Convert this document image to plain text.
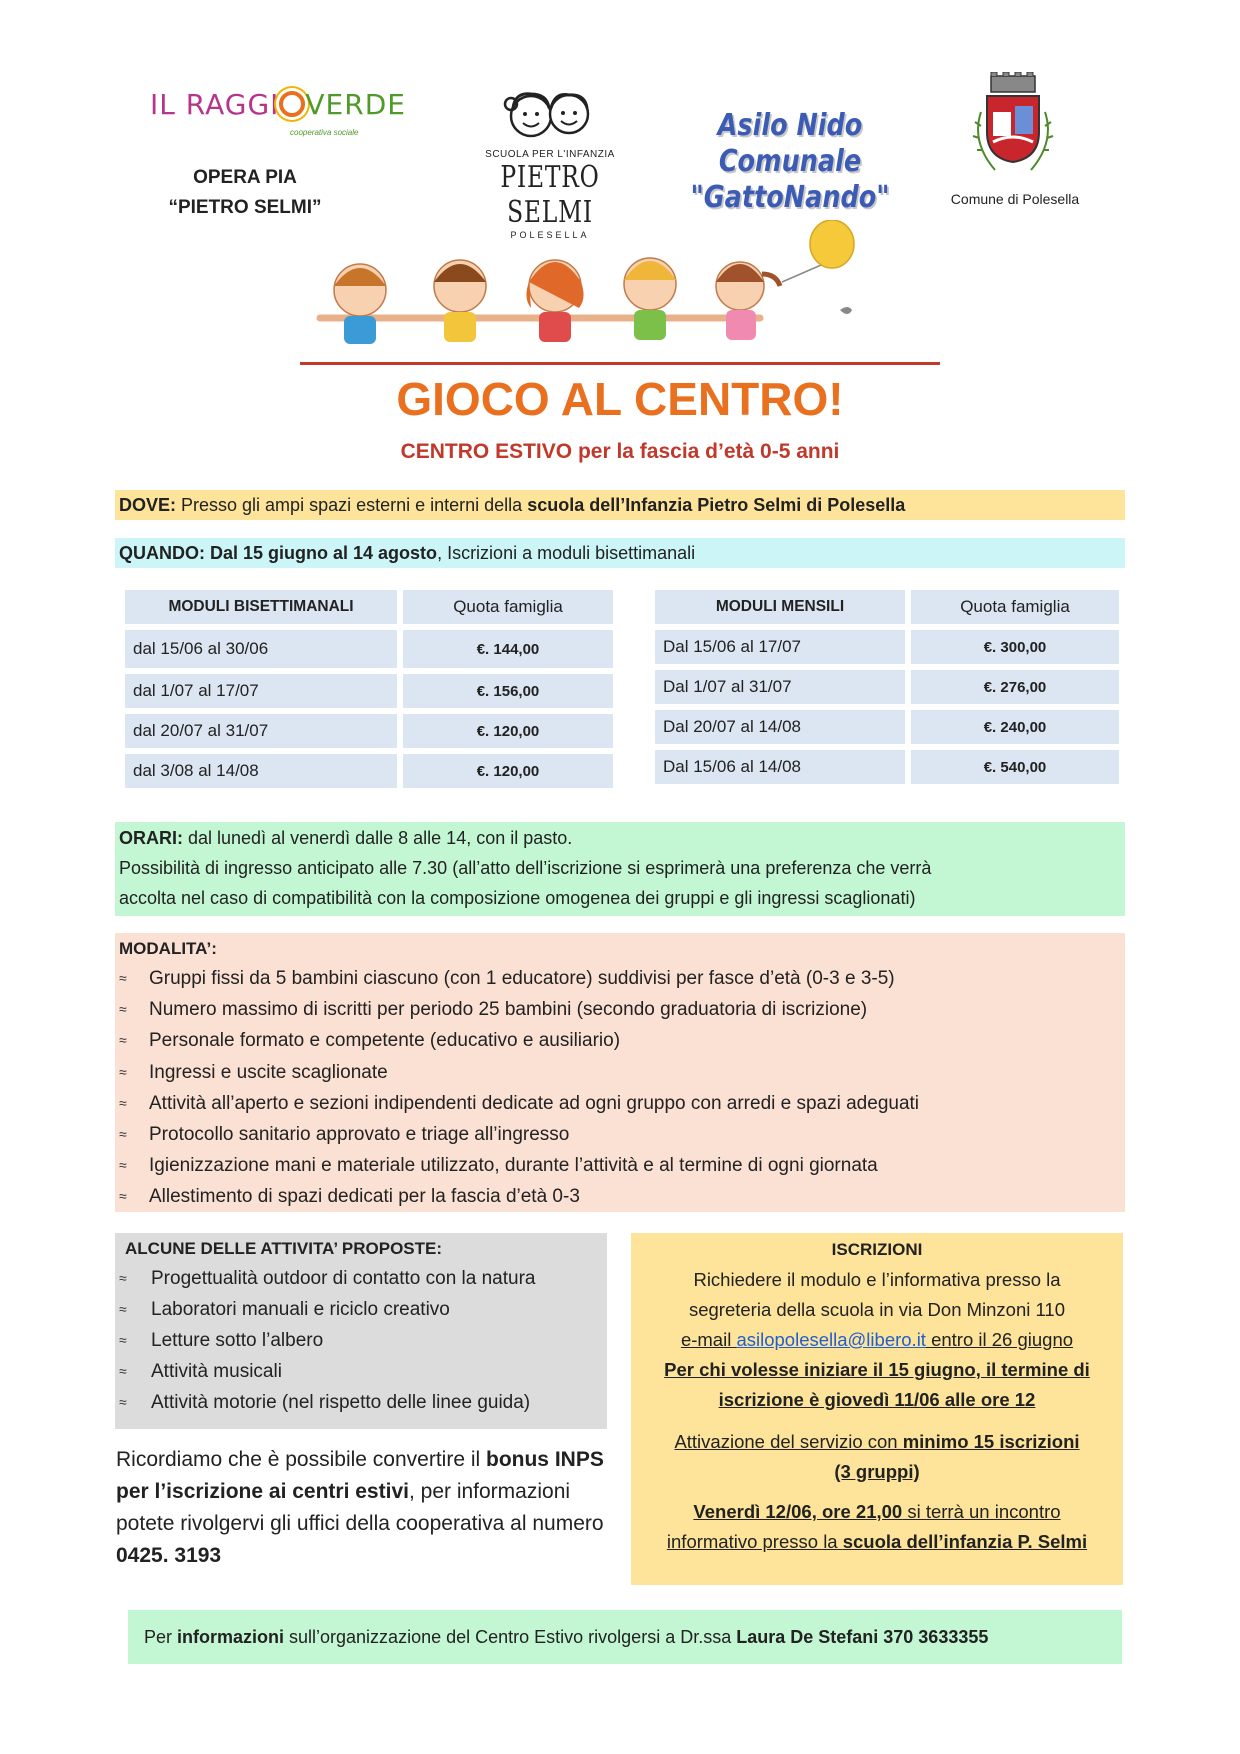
IL RAGGI VERDE
cooperativa sociale
OPERA PIA
“PIETRO SELMI”
SCUOLA PER L'INFANZIA
PIETRO SELMI
POLESELLA
Asilo Nido Comunale
"GattoNando"	Comune di Polesella
GIOCO AL CENTRO!
CENTRO ESTIVO per la fascia d’età 0-5 anni
DOVE: Presso gli ampi spazi esterni e interni della scuola dell’Infanzia Pietro Selmi di Polesella
QUANDO: Dal 15 giugno al 14 agosto, Iscrizioni a moduli bisettimanali
MODULI BISETTIMANALI	Quota famiglia
dal 15/06 al 30/06	€. 144,00
dal 1/07 al 17/07	€. 156,00
dal 20/07 al 31/07	€. 120,00
dal 3/08 al 14/08	€. 120,00
MODULI MENSILI	Quota famiglia
Dal 15/06 al 17/07	€. 300,00
Dal 1/07 al 31/07	€. 276,00
Dal 20/07 al 14/08	€. 240,00
Dal 15/06 al 14/08	€. 540,00
ORARI: dal lunedì al venerdì dalle 8 alle 14, con il pasto.
Possibilità di ingresso anticipato alle 7.30 (all’atto dell’iscrizione si esprimerà una preferenza che verrà
accolta nel caso di compatibilità con la composizione omogenea dei gruppi e gli ingressi scaglionati)
MODALITA’:
≈	Gruppi fissi da 5 bambini ciascuno (con 1 educatore) suddivisi per fasce d’età (0-3 e 3-5)
≈	Numero massimo di iscritti per periodo 25 bambini (secondo graduatoria di iscrizione)
≈	Personale formato e competente (educativo e ausiliario)
≈	Ingressi e uscite scaglionate
≈	Attività all’aperto e sezioni indipendenti dedicate ad ogni gruppo con arredi e spazi adeguati
≈	Protocollo sanitario approvato e triage all’ingresso
≈	Igienizzazione mani e materiale utilizzato, durante l’attività e al termine di ogni giornata
≈	Allestimento di spazi dedicati per la fascia d’età 0-3
ALCUNE DELLE ATTIVITA’ PROPOSTE:
≈	Progettualità outdoor di contatto con la natura
≈	Laboratori manuali e riciclo creativo
≈	Letture sotto l’albero
≈	Attività musicali
≈	Attività motorie (nel rispetto delle linee guida)
Ricordiamo che è possibile convertire il bonus INPS per l’iscrizione ai centri estivi, per informazioni potete rivolgervi gli uffici della cooperativa al numero 0425. 3193
ISCRIZIONI
Richiedere il modulo e l’informativa presso la
segreteria della scuola in via Don Minzoni 110
e-mail asilopolesella@libero.it entro il 26 giugno
Per chi volesse iniziare il 15 giugno, il termine di
iscrizione è giovedì 11/06 alle ore 12
Attivazione del servizio con minimo 15 iscrizioni
(3 gruppi)
Venerdì 12/06, ore 21,00 si terrà un incontro
informativo presso la scuola dell’infanzia P. Selmi
Per informazioni sull’organizzazione del Centro Estivo rivolgersi a Dr.ssa Laura De Stefani 370 3633355
